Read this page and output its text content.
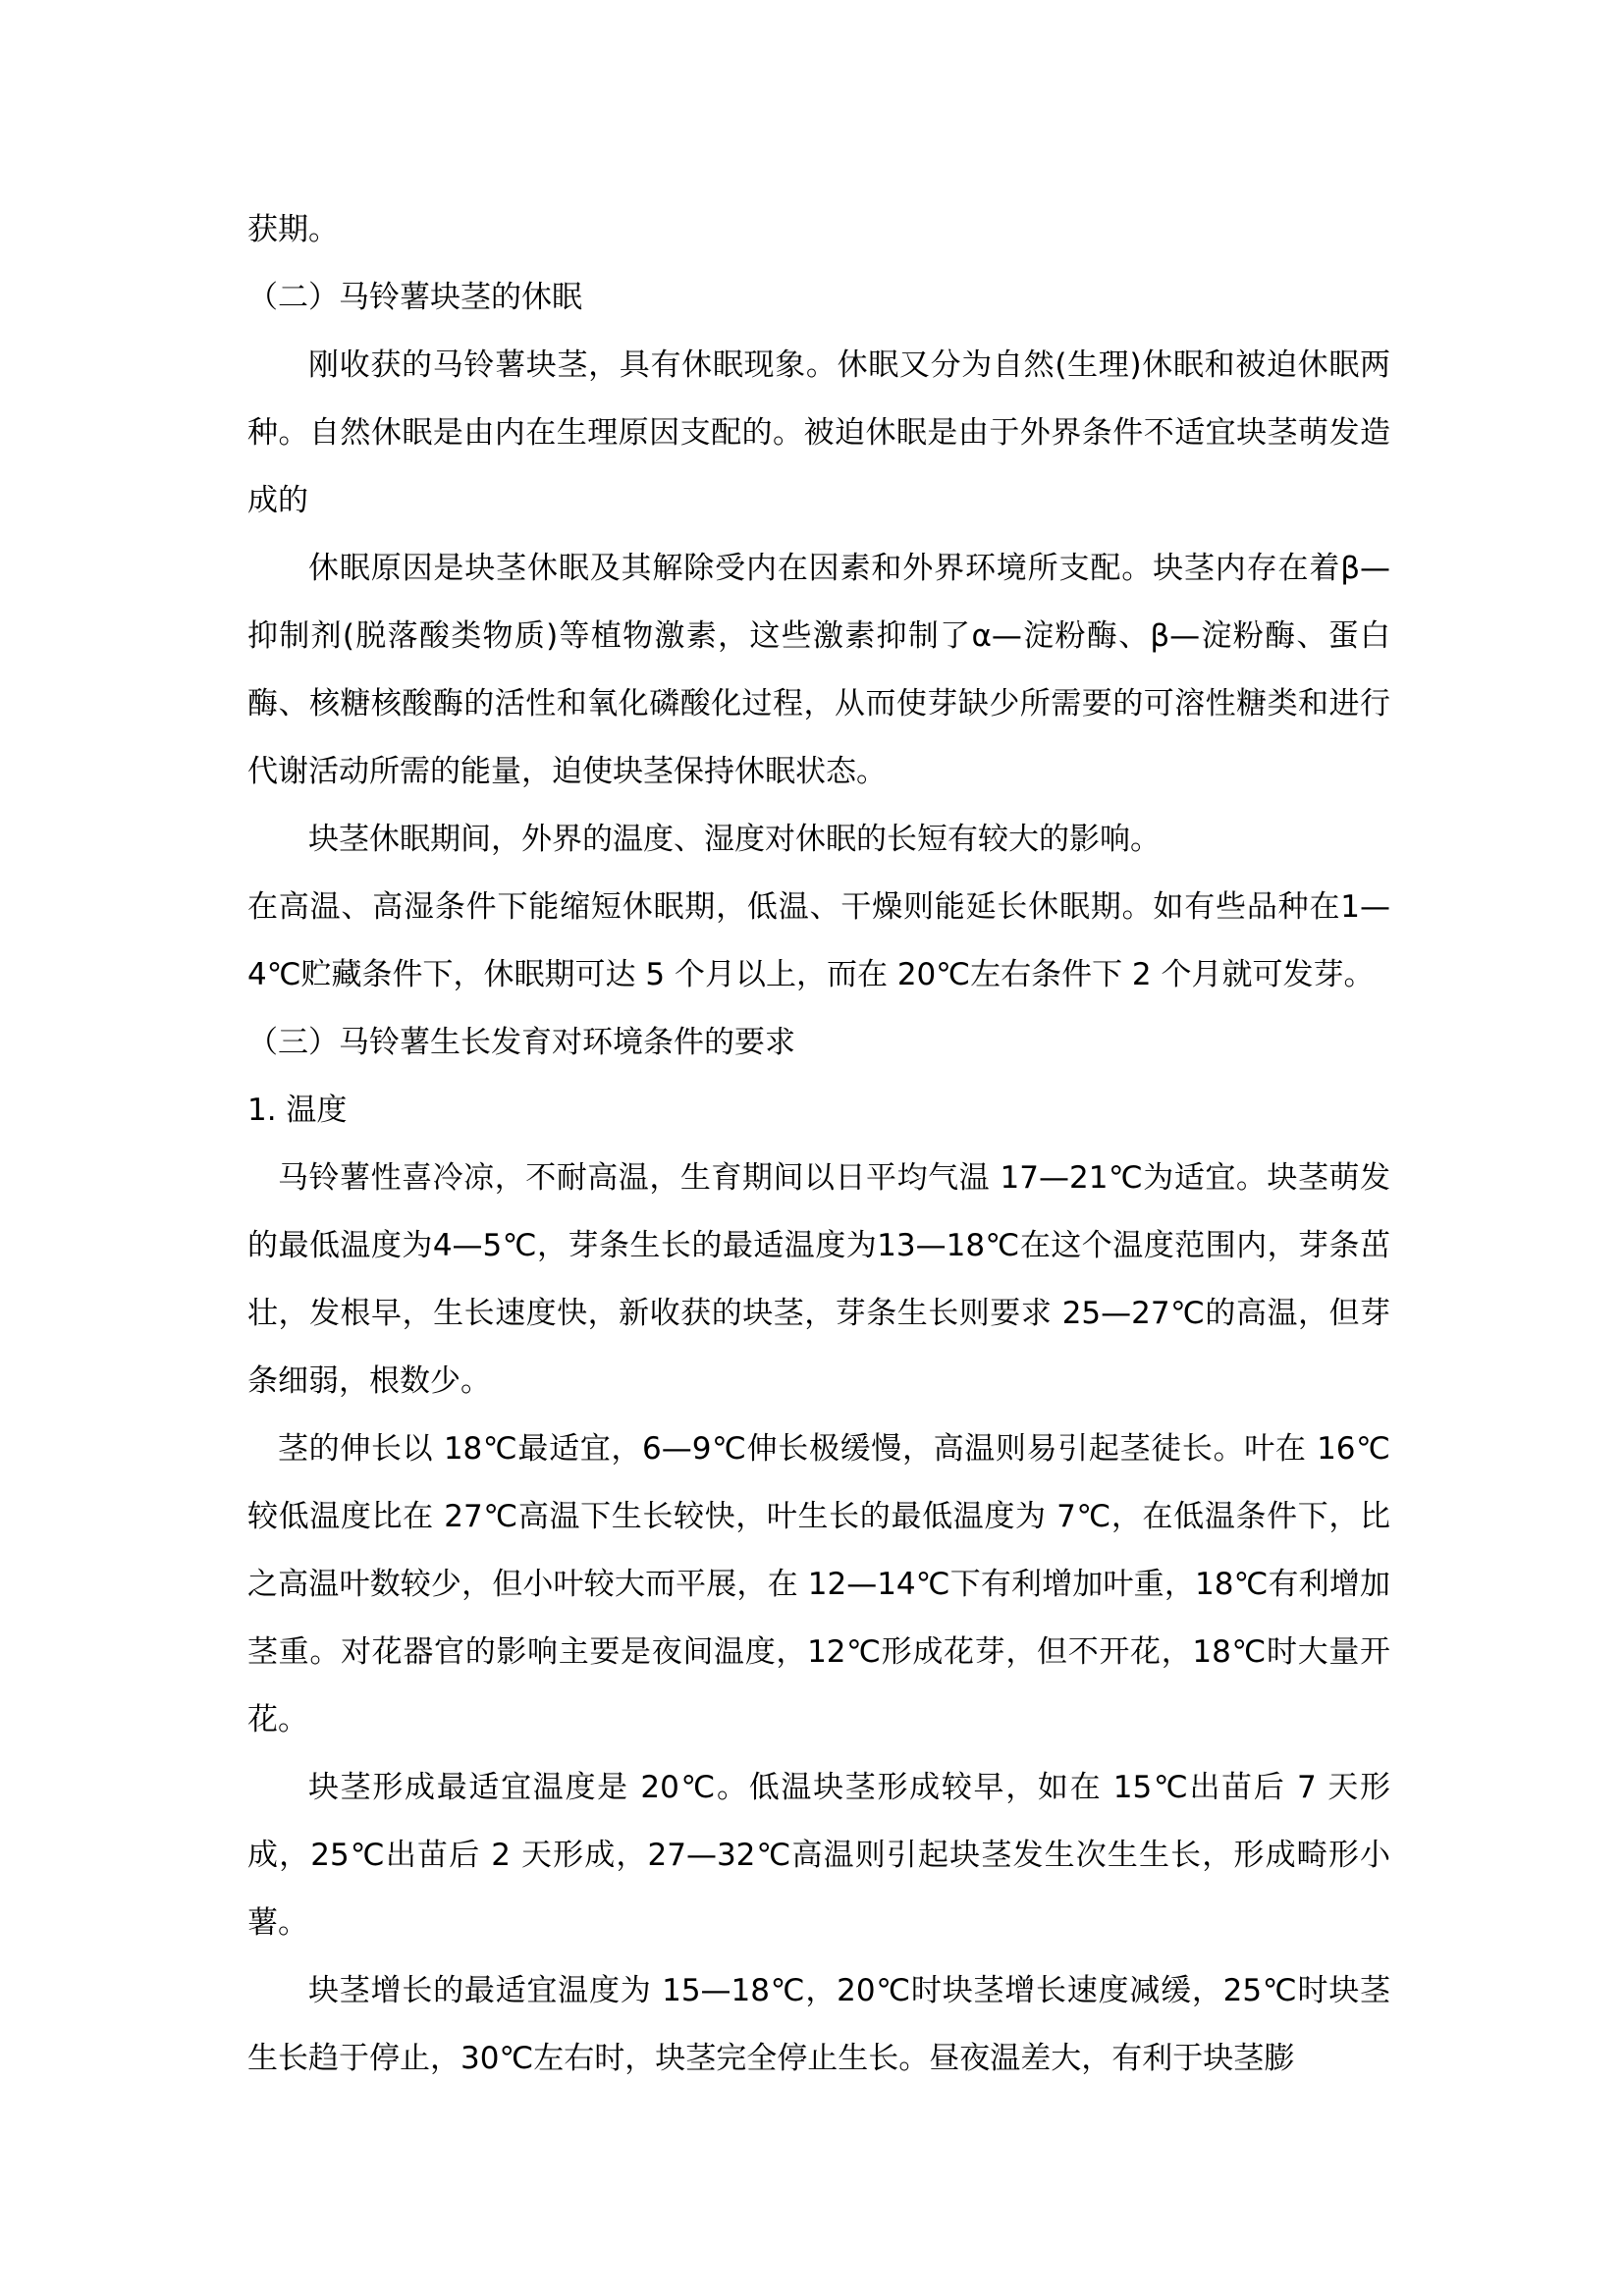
获期。

（二）马铃薯块茎的休眠

刚收获的马铃薯块茎，具有休眠现象。休眠又分为自然(生理)休眠和被迫休眠两种。自然休眠是由内在生理原因支配的。被迫休眠是由于外界条件不适宜块茎萌发造成的

休眠原因是块茎休眠及其解除受内在因素和外界环境所支配。块茎内存在着β—抑制剂(脱落酸类物质)等植物激素，这些激素抑制了α—淀粉酶、β—淀粉酶、蛋白酶、核糖核酸酶的活性和氧化磷酸化过程，从而使芽缺少所需要的可溶性糖类和进行代谢活动所需的能量，迫使块茎保持休眠状态。

块茎休眠期间，外界的温度、湿度对休眠的长短有较大的影响。

在高温、高湿条件下能缩短休眠期，低温、干燥则能延长休眠期。如有些品种在1—4℃贮藏条件下，休眠期可达 5 个月以上，而在 20℃左右条件下 2 个月就可发芽。

（三）马铃薯生长发育对环境条件的要求

1. 温度

马铃薯性喜冷凉，不耐高温，生育期间以日平均气温 17—21℃为适宜。块茎萌发的最低温度为4—5℃，芽条生长的最适温度为13—18℃在这个温度范围内，芽条茁壮，发根早，生长速度快，新收获的块茎，芽条生长则要求 25—27℃的高温，但芽条细弱，根数少。

茎的伸长以 18℃最适宜，6—9℃伸长极缓慢，高温则易引起茎徒长。叶在 16℃较低温度比在 27℃高温下生长较快，叶生长的最低温度为 7℃，在低温条件下，比之高温叶数较少，但小叶较大而平展，在 12—14℃下有利增加叶重，18℃有利增加茎重。对花器官的影响主要是夜间温度，12℃形成花芽，但不开花，18℃时大量开花。

块茎形成最适宜温度是 20℃。低温块茎形成较早，如在 15℃出苗后 7 天形成，25℃出苗后 2 天形成，27—32℃高温则引起块茎发生次生生长，形成畸形小薯。

块茎增长的最适宜温度为 15—18℃，20℃时块茎增长速度减缓，25℃时块茎生长趋于停止，30℃左右时，块茎完全停止生长。昼夜温差大，有利于块茎膨
